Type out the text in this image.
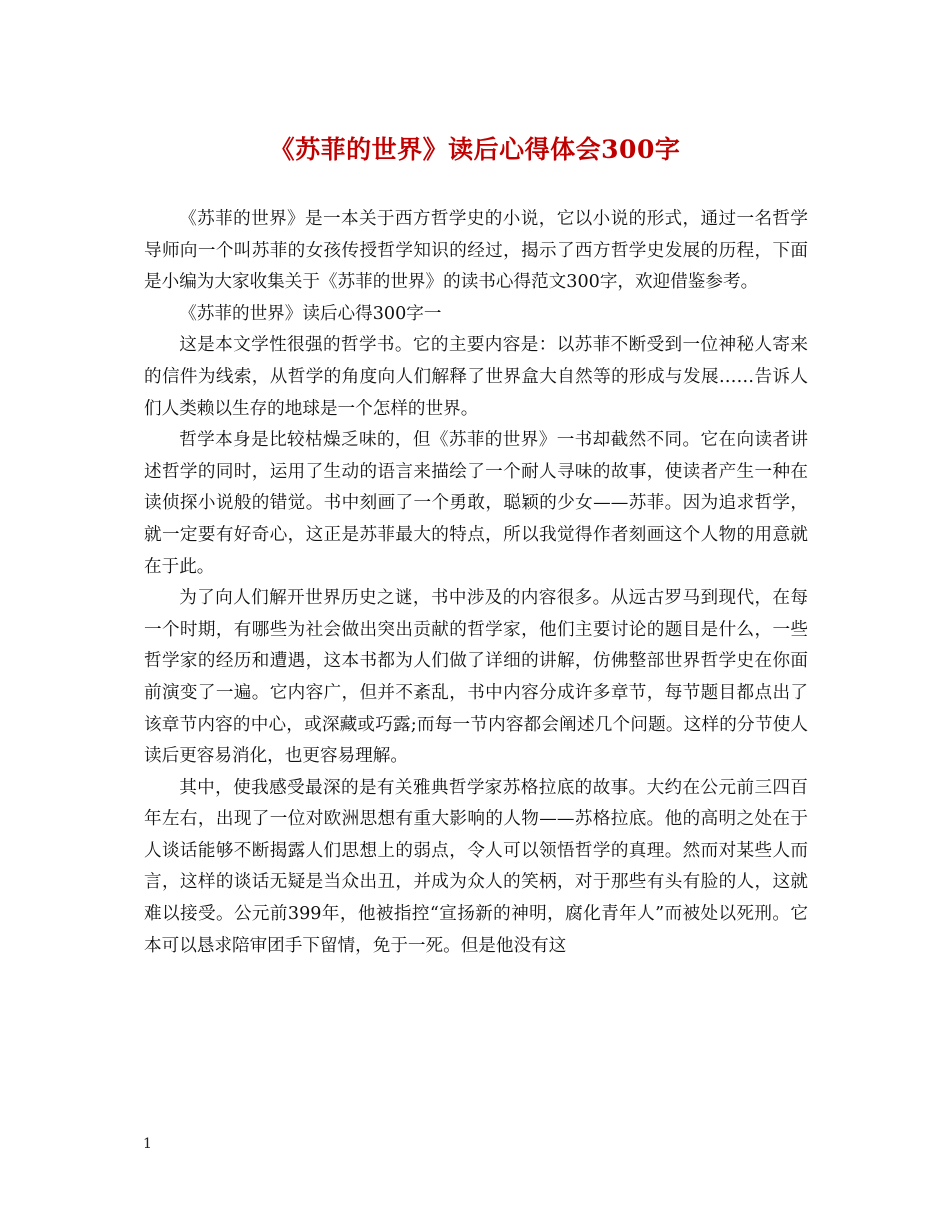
《苏菲的世界》读后心得体会300字

《苏菲的世界》是一本关于西方哲学史的小说，它以小说的形式，通过一名哲学导师向一个叫苏菲的女孩传授哲学知识的经过，揭示了西方哲学史发展的历程，下面是小编为大家收集关于《苏菲的世界》的读书心得范文300字，欢迎借鉴参考。

《苏菲的世界》读后心得300字一

这是本文学性很强的哲学书。它的主要内容是：以苏菲不断受到一位神秘人寄来的信件为线索，从哲学的角度向人们解释了世界盒大自然等的形成与发展……告诉人们人类赖以生存的地球是一个怎样的世界。

哲学本身是比较枯燥乏味的，但《苏菲的世界》一书却截然不同。它在向读者讲述哲学的同时，运用了生动的语言来描绘了一个耐人寻味的故事，使读者产生一种在读侦探小说般的错觉。书中刻画了一个勇敢，聪颖的少女——苏菲。因为追求哲学，就一定要有好奇心，这正是苏菲最大的特点，所以我觉得作者刻画这个人物的用意就在于此。

为了向人们解开世界历史之谜，书中涉及的内容很多。从远古罗马到现代，在每一个时期，有哪些为社会做出突出贡献的哲学家，他们主要讨论的题目是什么，一些哲学家的经历和遭遇，这本书都为人们做了详细的讲解，仿佛整部世界哲学史在你面前演变了一遍。它内容广，但并不紊乱，书中内容分成许多章节，每节题目都点出了该章节内容的中心，或深藏或巧露;而每一节内容都会阐述几个问题。这样的分节使人读后更容易消化，也更容易理解。

其中，使我感受最深的是有关雅典哲学家苏格拉底的故事。大约在公元前三四百年左右，出现了一位对欧洲思想有重大影响的人物——苏格拉底。他的高明之处在于人谈话能够不断揭露人们思想上的弱点，令人可以领悟哲学的真理。然而对某些人而言，这样的谈话无疑是当众出丑，并成为众人的笑柄，对于那些有头有脸的人，这就难以接受。公元前399年，他被指控“宣扬新的神明，腐化青年人”而被处以死刑。它本可以恳求陪审团手下留情，免于一死。但是他没有这

1
